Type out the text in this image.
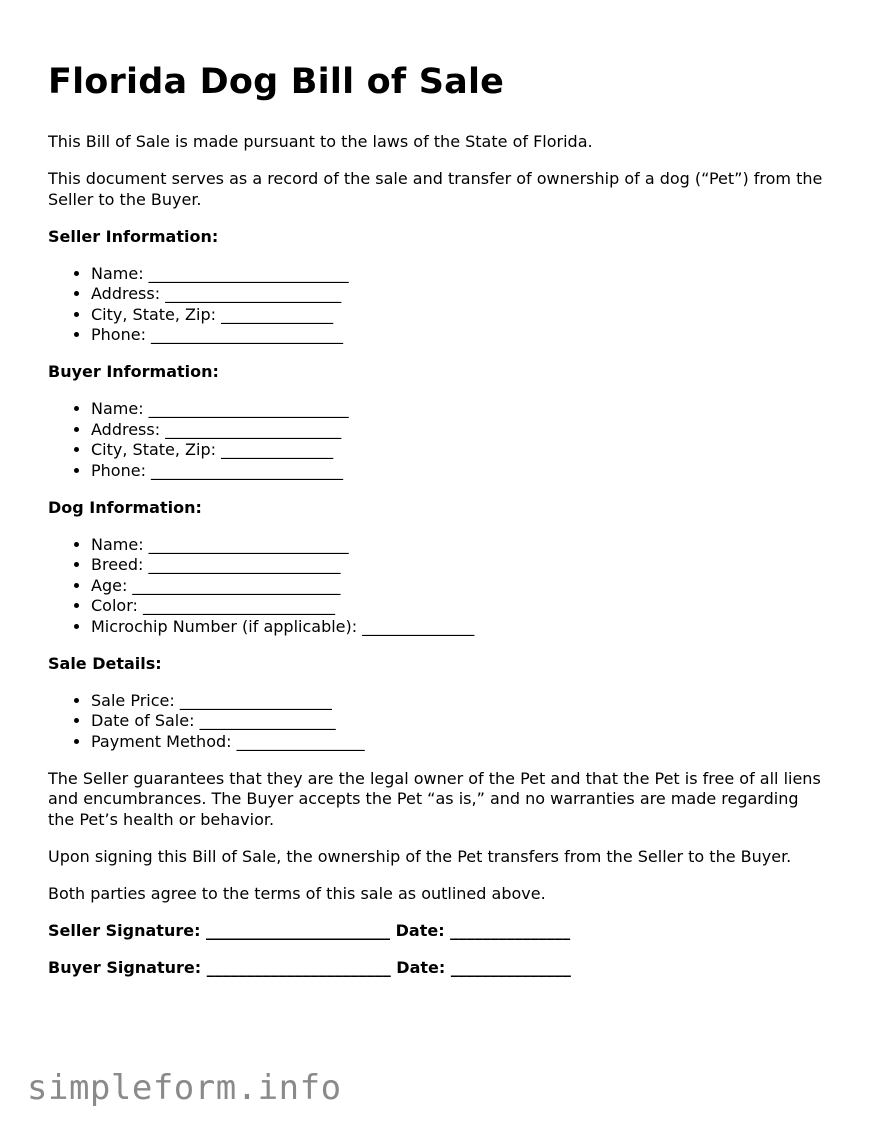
Florida Dog Bill of Sale

This Bill of Sale is made pursuant to the laws of the State of Florida.

This document serves as a record of the sale and transfer of ownership of a dog (“Pet”) from the Seller to the Buyer.

Seller Information:
• Name: _________________________
• Address: ______________________
• City, State, Zip: ______________
• Phone: ________________________
Buyer Information:
• Name: _________________________
• Address: ______________________
• City, State, Zip: ______________
• Phone: ________________________
Dog Information:
• Name: _________________________
• Breed: ________________________
• Age: __________________________
• Color: ________________________
• Microchip Number (if applicable): ______________
Sale Details:
• Sale Price: ___________________
• Date of Sale: _________________
• Payment Method: ________________

The Seller guarantees that they are the legal owner of the Pet and that the Pet is free of all liens and encumbrances. The Buyer accepts the Pet “as is,” and no warranties are made regarding the Pet’s health or behavior.

Upon signing this Bill of Sale, the ownership of the Pet transfers from the Seller to the Buyer.

Both parties agree to the terms of this sale as outlined above.

Seller Signature: _______________________ Date: _______________
Buyer Signature: _______________________ Date: _______________
simpleform.info
